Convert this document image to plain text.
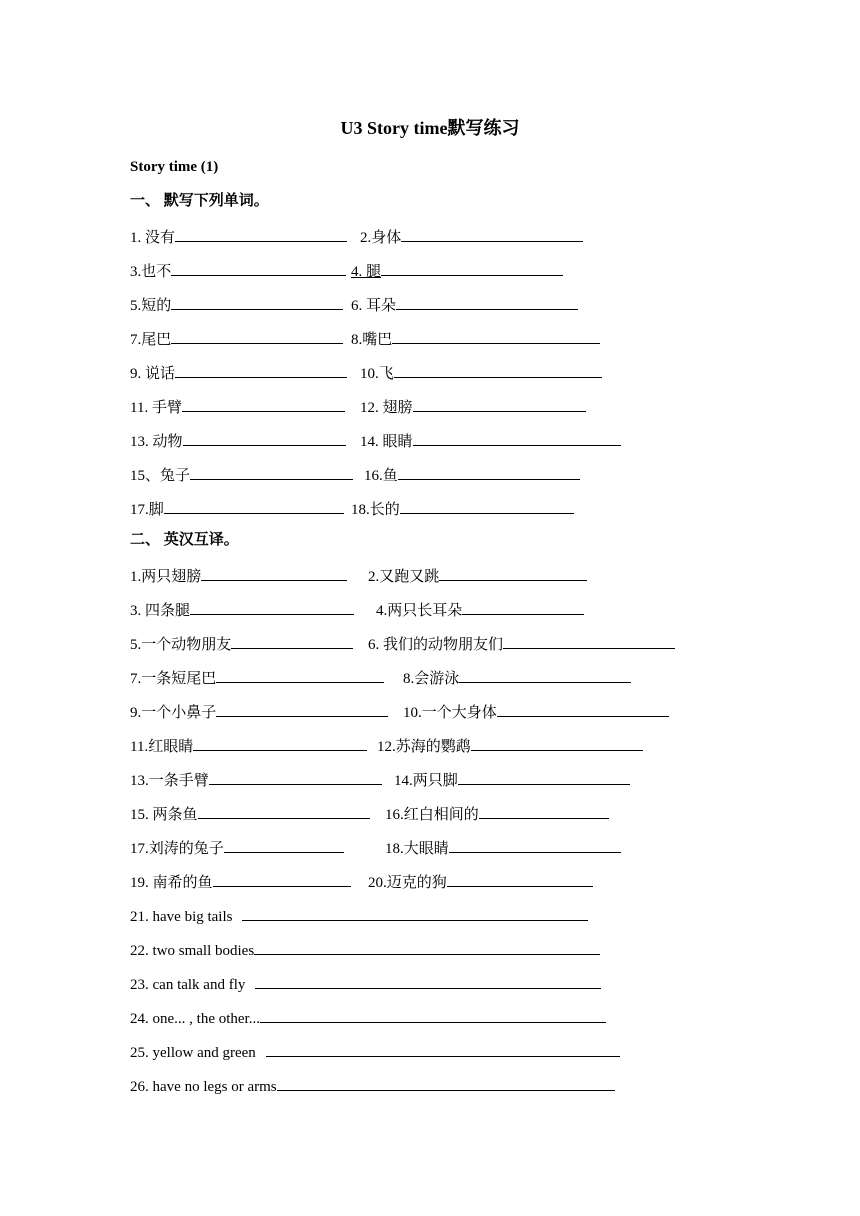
U3 Story time默写练习
Story time (1)
一、 默写下列单词。
1. 没有	2.身体
3.也不	4. 腿
5.短的	6. 耳朵
7.尾巴	8.嘴巴
9. 说话	10.飞
11. 手臂	12. 翅膀
13. 动物	14. 眼睛
15、兔子	16.鱼
17.脚	18.长的
二、 英汉互译。
1.两只翅膀	2.又跑又跳
3. 四条腿	4.两只长耳朵
5.一个动物朋友	6. 我们的动物朋友们
7.一条短尾巴	8.会游泳
9.一个小鼻子	10.一个大身体
11.红眼睛	12.苏海的鹦鹉
13.一条手臂	14.两只脚
15. 两条鱼	16.红白相间的
17.刘涛的兔子	18.大眼睛
19. 南希的鱼	20.迈克的狗
21. have big tails
22. two small bodies
23. can talk and fly
24. one... , the other...
25. yellow and green
26. have no legs or arms
